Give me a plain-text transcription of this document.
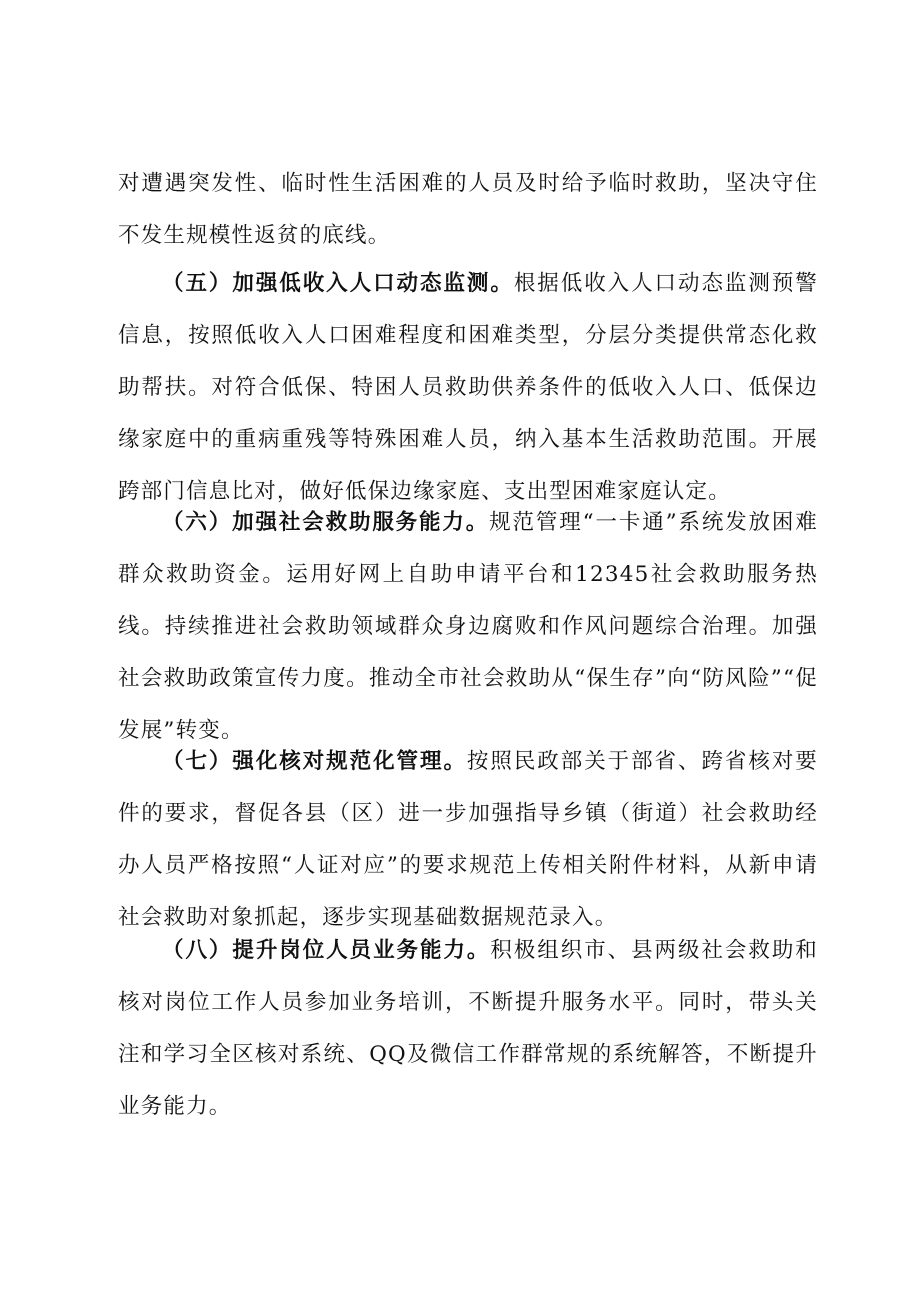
对遭遇突发性、临时性生活困难的人员及时给予临时救助，坚决守住不发生规模性返贫的底线。

（五）加强低收入人口动态监测。根据低收入人口动态监测预警信息，按照低收入人口困难程度和困难类型，分层分类提供常态化救助帮扶。对符合低保、特困人员救助供养条件的低收入人口、低保边缘家庭中的重病重残等特殊困难人员，纳入基本生活救助范围。开展跨部门信息比对，做好低保边缘家庭、支出型困难家庭认定。

（六）加强社会救助服务能力。规范管理“一卡通”系统发放困难群众救助资金。运用好网上自助申请平台和12345社会救助服务热线。持续推进社会救助领域群众身边腐败和作风问题综合治理。加强社会救助政策宣传力度。推动全市社会救助从“保生存”向“防风险”“促发展”转变。

（七）强化核对规范化管理。按照民政部关于部省、跨省核对要件的要求，督促各县（区）进一步加强指导乡镇（街道）社会救助经办人员严格按照“人证对应”的要求规范上传相关附件材料，从新申请社会救助对象抓起，逐步实现基础数据规范录入。

（八）提升岗位人员业务能力。积极组织市、县两级社会救助和核对岗位工作人员参加业务培训，不断提升服务水平。同时，带头关注和学习全区核对系统、QQ及微信工作群常规的系统解答，不断提升业务能力。
